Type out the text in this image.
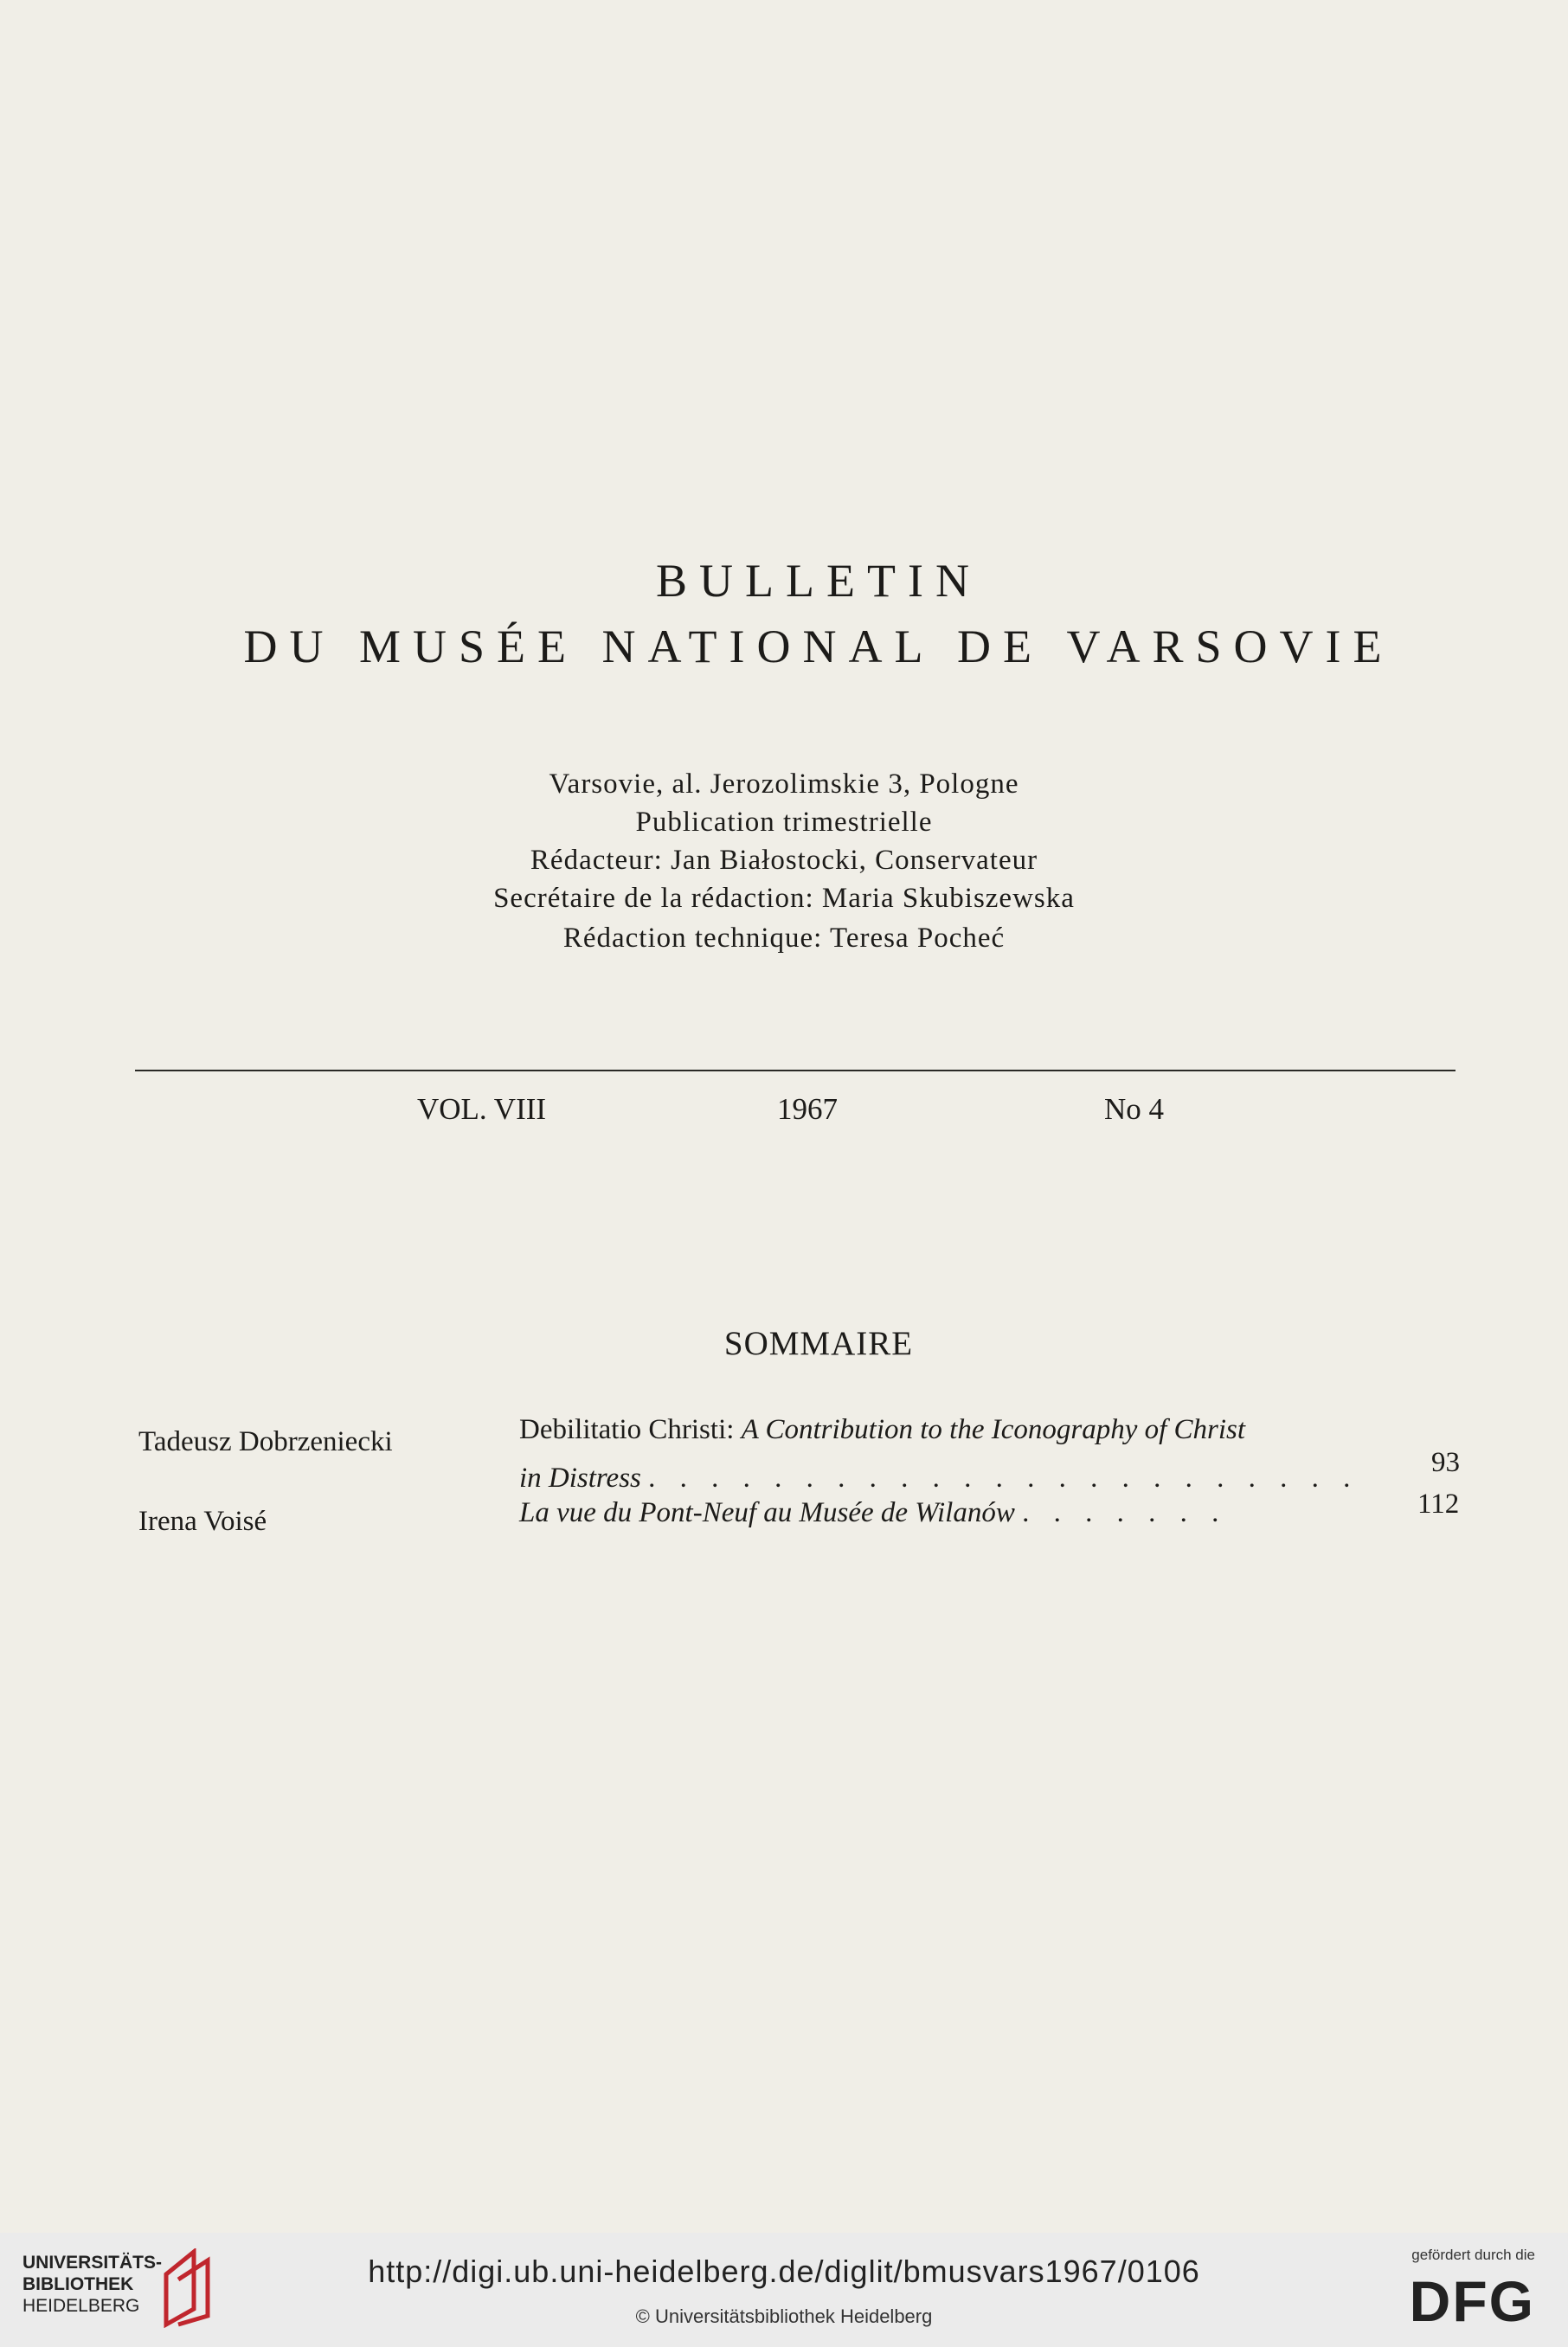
BULLETIN
DU MUSÉE NATIONAL DE VARSOVIE
Varsovie, al. Jerozolimskie 3, Pologne
Publication trimestrielle
Rédacteur: Jan Białostocki, Conservateur
Secrétaire de la rédaction: Maria Skubiszewska
Rédaction technique: Teresa Pocheć
VOL. VIII	1967	No 4
SOMMAIRE
Tadeusz Dobrzeniecki	Debilitatio Christi: A Contribution to the Iconography of Christ
in Distress . . . . . . . . . . . . . . . . . . . . . . .	93
Irena Voisé	La vue du Pont-Neuf au Musée de Wilanów . . . . . . .	112
UNIVERSITÄTS-
BIBLIOTHEK
HEIDELBERG
http://digi.ub.uni-heidelberg.de/diglit/bmusvars1967/0106
© Universitätsbibliothek Heidelberg
gefördert durch die
DFG
